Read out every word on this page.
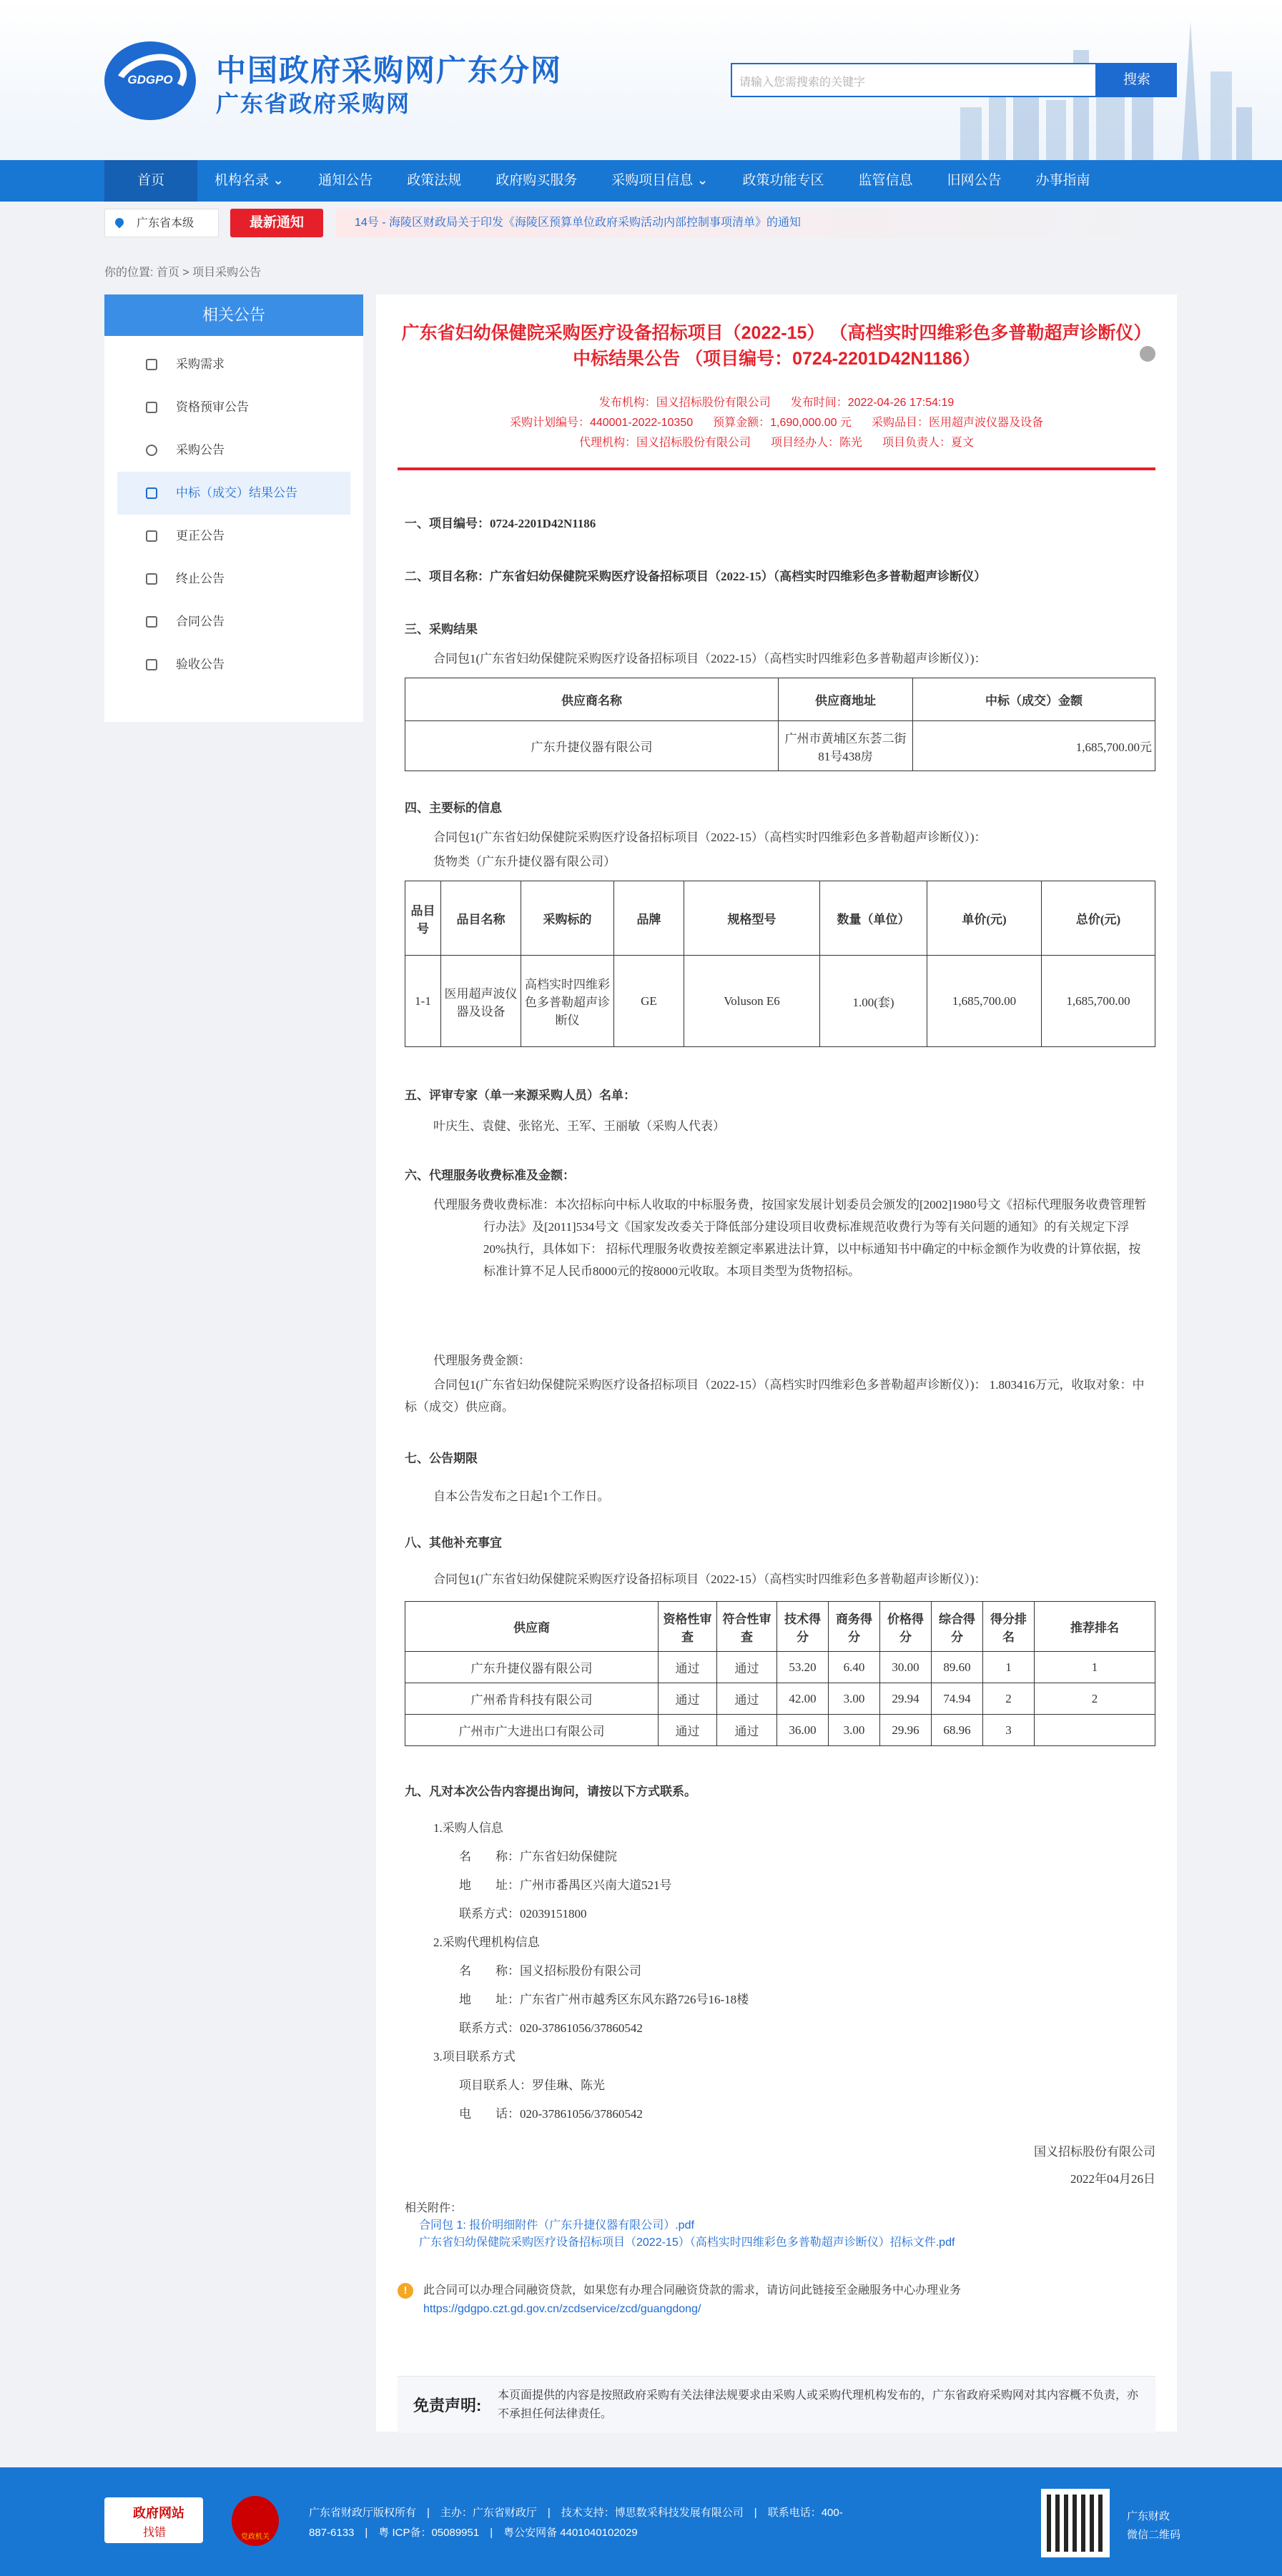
GDGPO	中国政府采购网广东分网
广东省政府采购网
请输入您需搜索的关键字	搜索
首页	机构名录 ⌄	通知公告	政策法规	政府购买服务	采购项目信息 ⌄	政策功能专区	监管信息	旧网公告	办事指南
广东省本级	最新通知	14号 - 海陵区财政局关于印发《海陵区预算单位政府采购活动内部控制事项清单》的通知
你的位置: 首页 > 项目采购公告
相关公告
采购需求
资格预审公告
采购公告
中标（成交）结果公告
更正公告
终止公告
合同公告
验收公告
广东省妇幼保健院采购医疗设备招标项目（2022-15） （高档实时四维彩色多普勒超声诊断仪）
中标结果公告 （项目编号：0724-2201D42N1186）
发布机构：国义招标股份有限公司 发布时间：2022-04-26 17:54:19
采购计划编号：440001-2022-10350 预算金额：1,690,000.00 元 采购品目：医用超声波仪器及设备
代理机构：国义招标股份有限公司 项目经办人：陈光 项目负责人：夏文
一、项目编号：0724-2201D42N1186
二、项目名称：广东省妇幼保健院采购医疗设备招标项目（2022-15）（高档实时四维彩色多普勒超声诊断仪）
三、采购结果
合同包1(广东省妇幼保健院采购医疗设备招标项目（2022-15）（高档实时四维彩色多普勒超声诊断仪）)：
供应商名称	供应商地址	中标（成交）金额
广东升捷仪器有限公司	广州市黄埔区东荟二街81号438房	1,685,700.00元
四、主要标的信息
合同包1(广东省妇幼保健院采购医疗设备招标项目（2022-15）（高档实时四维彩色多普勒超声诊断仪）)：
货物类（广东升捷仪器有限公司）
品目号	品目名称	采购标的	品牌	规格型号	数量（单位）	单价(元)	总价(元)
1-1	医用超声波仪器及设备	高档实时四维彩色多普勒超声诊断仪	GE	Voluson E6	1.00(套)	1,685,700.00	1,685,700.00
五、评审专家（单一来源采购人员）名单：
叶庆生、袁健、张铭光、王军、王丽敏（采购人代表）
六、代理服务收费标准及金额：
代理服务费收费标准：本次招标向中标人收取的中标服务费，按国家发展计划委员会颁发的[2002]1980号文《招标代理服务收费管理暂行办法》及[2011]534号文《国家发改委关于降低部分建设项目收费标准规范收费行为等有关问题的通知》的有关规定下浮20%执行，具体如下： 招标代理服务收费按差额定率累进法计算，以中标通知书中确定的中标金额作为收费的计算依据，按标准计算不足人民币8000元的按8000元收取。本项目类型为货物招标。
代理服务费金额：
合同包1(广东省妇幼保健院采购医疗设备招标项目（2022-15）（高档实时四维彩色多普勒超声诊断仪）)： 1.803416万元，收取对象：中标（成交）供应商。
七、公告期限
自本公告发布之日起1个工作日。
八、其他补充事宜
合同包1(广东省妇幼保健院采购医疗设备招标项目（2022-15）（高档实时四维彩色多普勒超声诊断仪）)：
供应商	资格性审查	符合性审查	技术得分	商务得分	价格得分	综合得分	得分排名	推荐排名
广东升捷仪器有限公司	通过	通过	53.20	6.40	30.00	89.60	1	1
广州希肯科技有限公司	通过	通过	42.00	3.00	29.94	74.94	2	2
广州市广大进出口有限公司	通过	通过	36.00	3.00	29.96	68.96	3	
九、凡对本次公告内容提出询问，请按以下方式联系。
1.采购人信息
名　　称：广东省妇幼保健院
地　　址：广州市番禺区兴南大道521号
联系方式：02039151800
2.采购代理机构信息
名　　称：国义招标股份有限公司
地　　址：广东省广州市越秀区东风东路726号16-18楼
联系方式：020-37861056/37860542
3.项目联系方式
项目联系人：罗佳琳、陈光
电　　话：020-37861056/37860542
国义招标股份有限公司
2022年04月26日
相关附件：
合同包 1: 报价明细附件（广东升捷仪器有限公司）.pdf
广东省妇幼保健院采购医疗设备招标项目（2022-15）（高档实时四维彩色多普勒超声诊断仪）招标文件.pdf
!	此合同可以办理合同融资贷款，如果您有办理合同融资贷款的需求，请访问此链接至金融服务中心办理业务
https://gdgpo.czt.gd.gov.cn/zcdservice/zcd/guangdong/
免责声明:
本页面提供的内容是按照政府采购有关法律法规要求由采购人或采购代理机构发布的，广东省政府采购网对其内容概不负责，亦不承担任何法律责任。
政府网站
找错	党政机关
广东省财政厅版权所有　|　主办：广东省财政厅　|　技术支持：博思数采科技发展有限公司　|　联系电话：400-
887-6133　|　粤 ICP备：05089951　|　粤公安网备 4401040102029
广东财政
微信二维码
